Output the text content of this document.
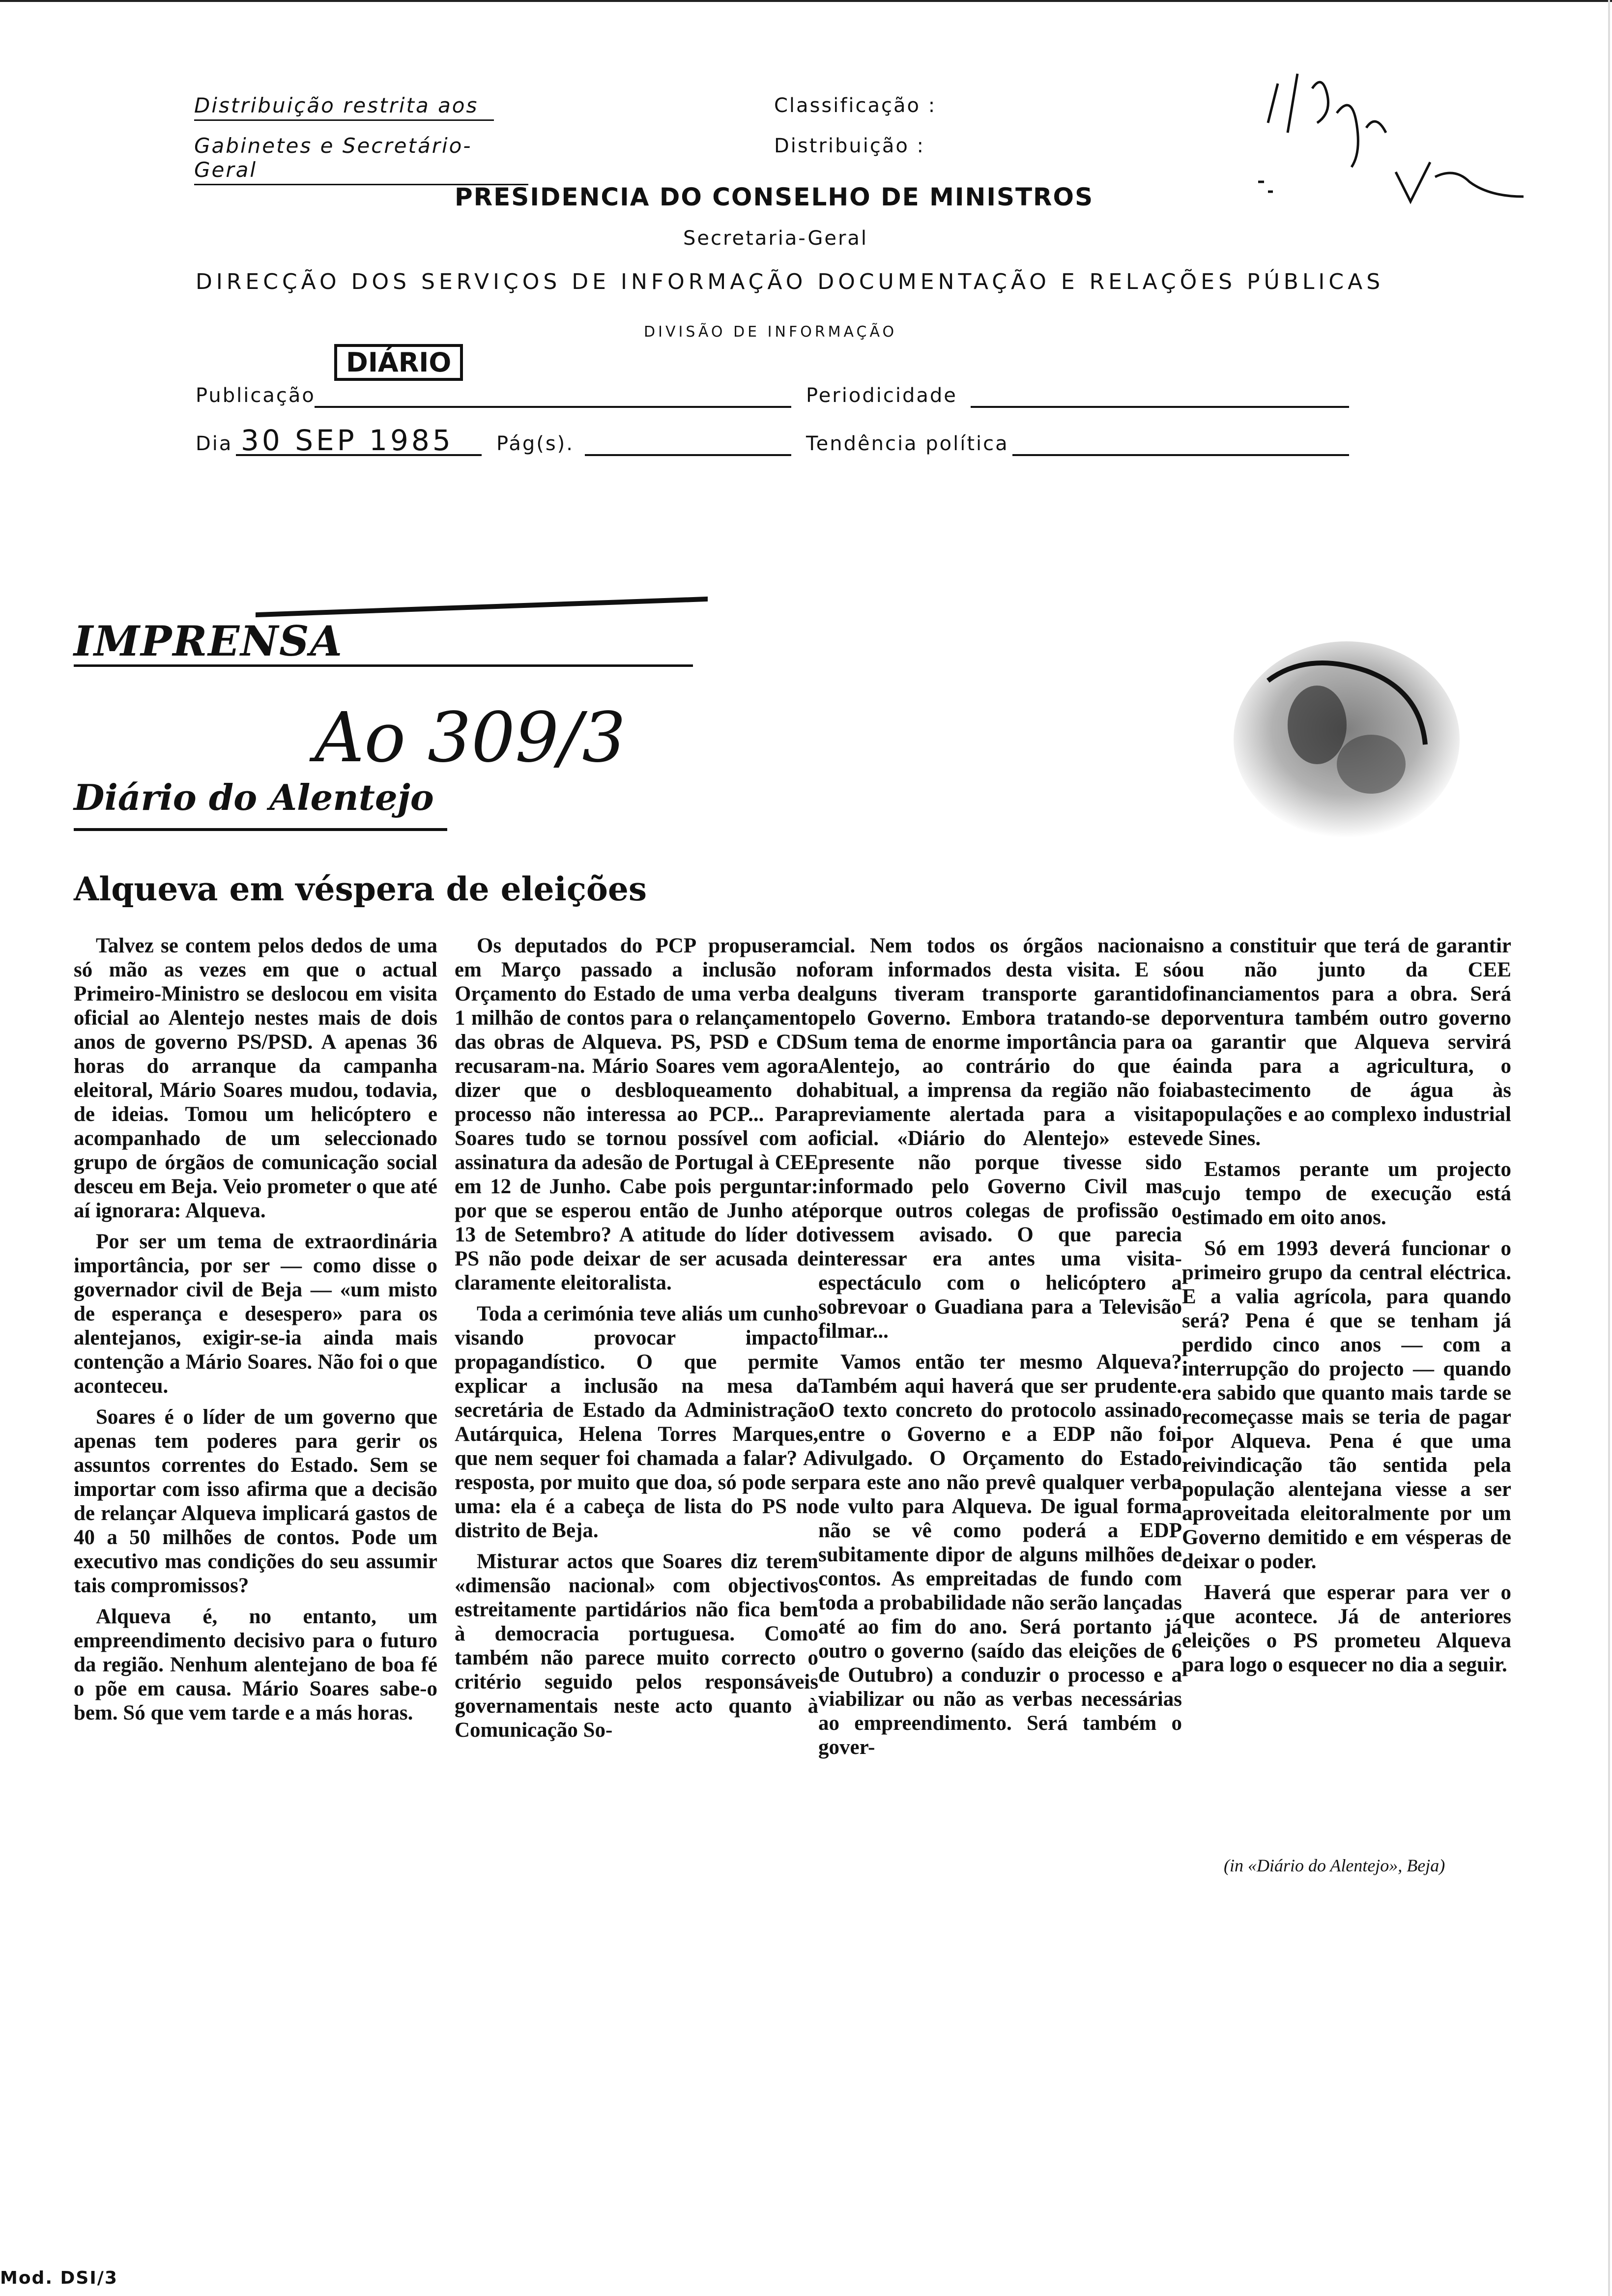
Distribuição restrita aos
Gabinetes e Secretário-Geral
Classificação :
Distribuição :
PRESIDENCIA DO CONSELHO DE MINISTROS
Secretaria-Geral
DIRECÇÃO DOS SERVIÇOS DE INFORMAÇÃO DOCUMENTAÇÃO E RELAÇÕES PÚBLICAS
DIVISÃO DE INFORMAÇÃO
Publicação
DIÁRIO
Periodicidade
Dia 30 SEP 1985 Pág(s).	Tendência política
IMPRENSA
Ao 309/3
Diário do Alentejo
Alqueva em véspera de eleições

Talvez se contem pelos dedos de uma só mão as vezes em que o actual Primeiro-Ministro se deslocou em visita oficial ao Alentejo nestes mais de dois anos de governo PS/PSD. A apenas 36 horas do arranque da campanha eleitoral, Mário Soares mudou, todavia, de ideias. Tomou um helicóptero e acompanhado de um seleccionado grupo de órgãos de comunicação social desceu em Beja. Veio prometer o que até aí ignorara: Alqueva.

Por ser um tema de extraordinária importância, por ser — como disse o governador civil de Beja — «um misto de esperança e desespero» para os alentejanos, exigir-se-ia ainda mais contenção a Mário Soares. Não foi o que aconteceu.

Soares é o líder de um governo que apenas tem poderes para gerir os assuntos correntes do Estado. Sem se importar com isso afirma que a decisão de relançar Alqueva implicará gastos de 40 a 50 milhões de contos. Pode um executivo mas condições do seu assumir tais compromissos?

Alqueva é, no entanto, um empreendimento decisivo para o futuro da região. Nenhum alentejano de boa fé o põe em causa. Mário Soares sabe-o bem. Só que vem tarde e a más horas.

Os deputados do PCP propuseram em Março passado a inclusão no Orçamento do Estado de uma verba de 1 milhão de contos para o relançamento das obras de Alqueva. PS, PSD e CDS recusaram-na. Mário Soares vem agora dizer que o desbloqueamento do processo não interessa ao PCP... Para Soares tudo se tornou possível com a assinatura da adesão de Portugal à CEE em 12 de Junho. Cabe pois perguntar: por que se esperou então de Junho até 13 de Setembro? A atitude do líder do PS não pode deixar de ser acusada de claramente eleitoralista.

Toda a cerimónia teve aliás um cunho visando provocar impacto propagandístico. O que permite explicar a inclusão na mesa da secretária de Estado da Administração Autárquica, Helena Torres Marques, que nem sequer foi chamada a falar? A resposta, por muito que doa, só pode ser uma: ela é a cabeça de lista do PS no distrito de Beja.

Misturar actos que Soares diz terem «dimensão nacional» com objectivos estreitamente partidários não fica bem à democracia portuguesa. Como também não parece muito correcto o critério seguido pelos responsáveis governamentais neste acto quanto à Comunicação So-

cial. Nem todos os órgãos nacionais foram informados desta visita. E só alguns tiveram transporte garantido pelo Governo. Embora tratando-se de um tema de enorme importância para o Alentejo, ao contrário do que é habitual, a imprensa da região não foi previamente alertada para a visita oficial. «Diário do Alentejo» esteve presente não porque tivesse sido informado pelo Governo Civil mas porque outros colegas de profissão o tivessem avisado. O que parecia interessar era antes uma visita-espectáculo com o helicóptero a sobrevoar o Guadiana para a Televisão filmar...

Vamos então ter mesmo Alqueva? Também aqui haverá que ser prudente. O texto concreto do protocolo assinado entre o Governo e a EDP não foi divulgado. O Orçamento do Estado para este ano não prevê qualquer verba de vulto para Alqueva. De igual forma não se vê como poderá a EDP subitamente dipor de alguns milhões de contos. As empreitadas de fundo com toda a probabilidade não serão lançadas até ao fim do ano. Será portanto já outro o governo (saído das eleições de 6 de Outubro) a conduzir o processo e a viabilizar ou não as verbas necessárias ao empreendimento. Será também o gover-

no a constituir que terá de garantir ou não junto da CEE financiamentos para a obra. Será porventura também outro governo a garantir que Alqueva servirá ainda para a agricultura, o abastecimento de água às populações e ao complexo industrial de Sines.

Estamos perante um projecto cujo tempo de execução está estimado em oito anos.

Só em 1993 deverá funcionar o primeiro grupo da central eléctrica. E a valia agrícola, para quando será? Pena é que se tenham já perdido cinco anos — com a interrupção do projecto — quando era sabido que quanto mais tarde se recomeçasse mais se teria de pagar por Alqueva. Pena é que uma reivindicação tão sentida pela população alentejana viesse a ser aproveitada eleitoralmente por um Governo demitido e em vésperas de deixar o poder.

Haverá que esperar para ver o que acontece. Já de anteriores eleições o PS prometeu Alqueva para logo o esquecer no dia a seguir.

(in «Diário do Alentejo», Beja)
Mod. DSI/3
